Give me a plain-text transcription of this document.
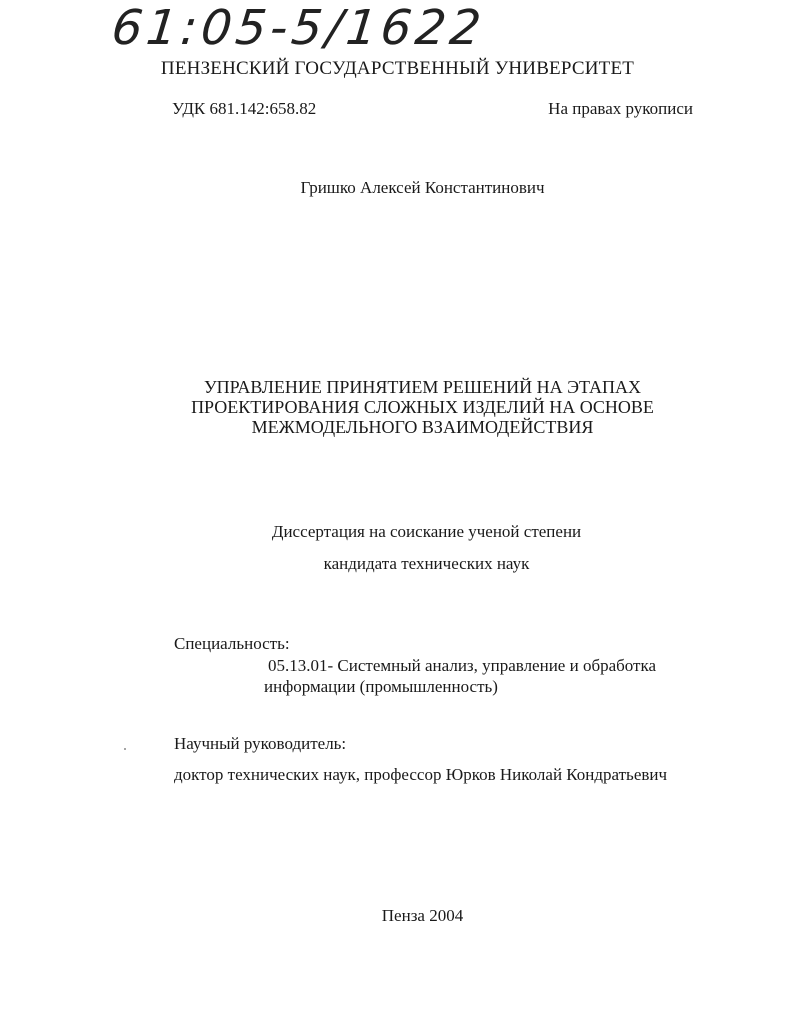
61:05-5/1622
ПЕНЗЕНСКИЙ ГОСУДАРСТВЕННЫЙ УНИВЕРСИТЕТ
УДК 681.142:658.82	На правах рукописи
Гришко Алексей Константинович
УПРАВЛЕНИЕ ПРИНЯТИЕМ РЕШЕНИЙ НА ЭТАПАХ
ПРОЕКТИРОВАНИЯ СЛОЖНЫХ ИЗДЕЛИЙ НА ОСНОВЕ
МЕЖМОДЕЛЬНОГО ВЗАИМОДЕЙСТВИЯ
Диссертация на соискание ученой степени
кандидата технических наук
Специальность:
05.13.01- Системный анализ, управление и обработка
информации (промышленность)
Научный руководитель:
доктор технических наук, профессор Юрков Николай Кондратьевич
Пенза 2004
